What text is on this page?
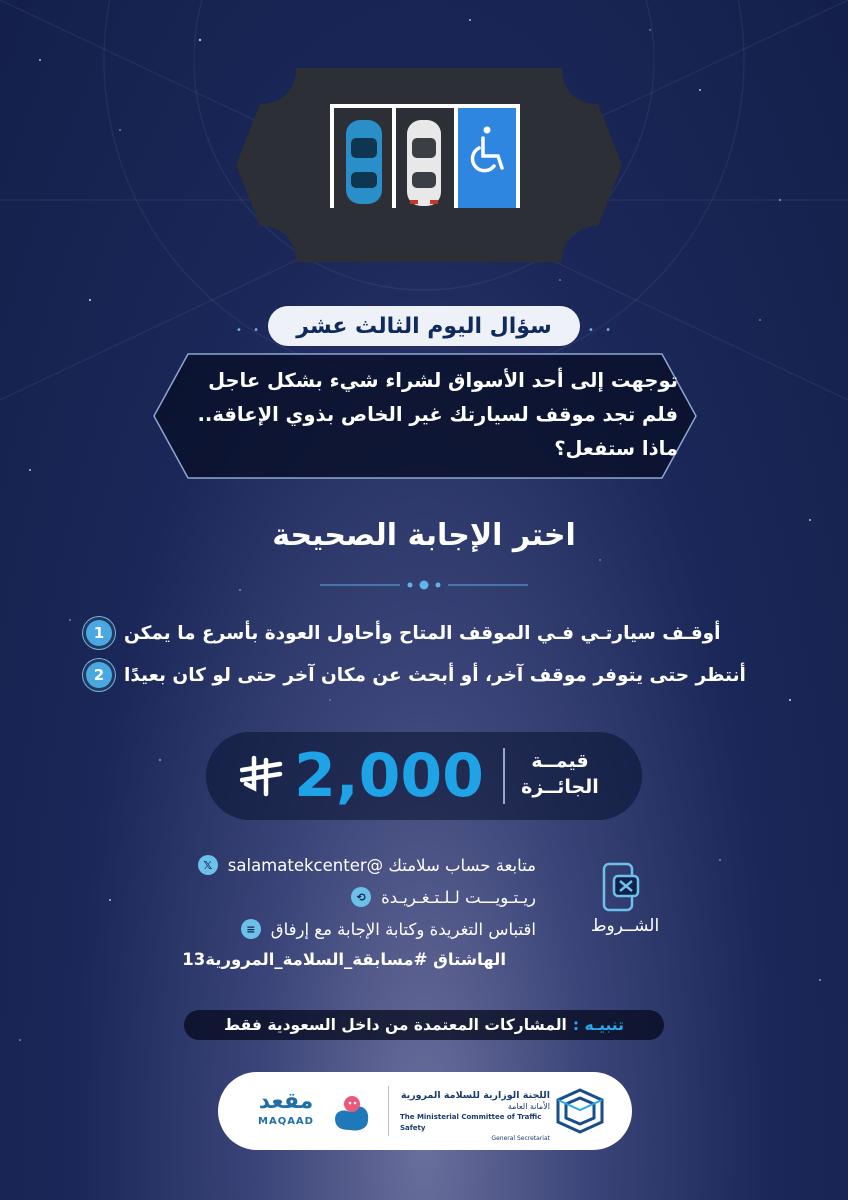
• •	• •
سؤال اليوم الثالث عشر
توجهت إلى أحد الأسواق لشراء شيء بشكل عاجل
فلم تجد موقف لسيارتك غير الخاص بذوي الإعاقة..
ماذا ستفعل؟
اختر الإجابة الصحيحة
1	أوقـف سيارتـي فـي الموقف المتاح وأحاول العودة بأسرع ما يمكن
2	أنتظر حتى يتوفر موقف آخر، أو أبحث عن مكان آخر حتى لو كان بعيدًا
2,000	قيمــة
الجائــزة
الشــروط
𝕏 متابعة حساب سلامتك @salamatekcenter
⟲ ريـتـويـــت لـلـتـغـريـدة
≡ اقتباس التغريدة وكتابة الإجابة مع إرفاق
الهاشتاق #مسابقة_السلامة_المرورية13
تنبيـه :
المشاركات المعتمدة من داخل السعودية فقط
اللجنة الوزارية للسلامة المرورية
الأمانة العامة
The Ministerial Committee of Traffic Safety
General Secretariat
مقعد
MAQAAD
